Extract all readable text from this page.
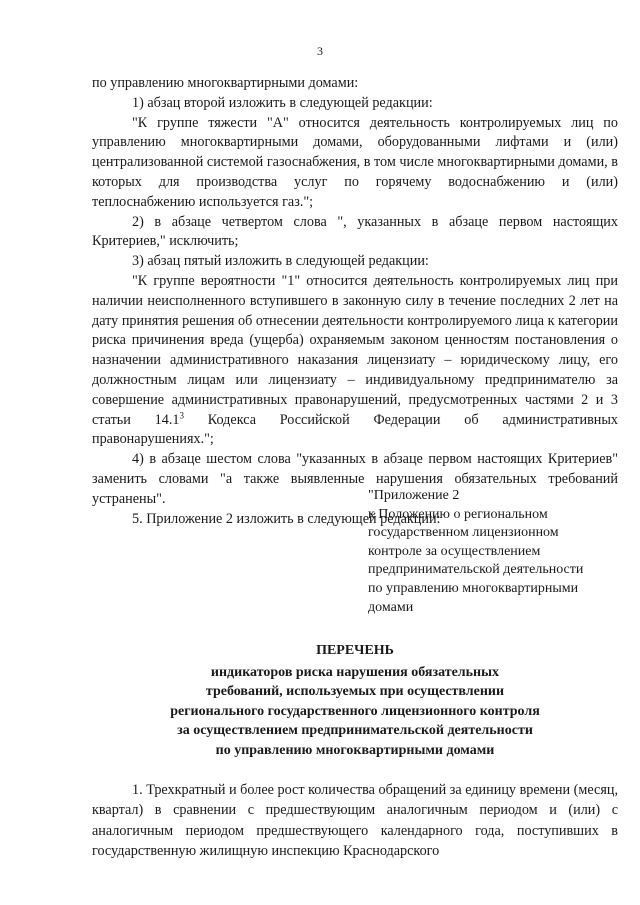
3

по управлению многоквартирными домами:

1) абзац второй изложить в следующей редакции:

"К группе тяжести "А" относится деятельность контролируемых лиц по управлению многоквартирными домами, оборудованными лифтами и (или) централизованной системой газоснабжения, в том числе многоквартирными домами, в которых для производства услуг по горячему водоснабжению и (или) теплоснабжению используется газ.";

2) в абзаце четвертом слова ", указанных в абзаце первом настоящих Критериев," исключить;

3) абзац пятый изложить в следующей редакции:

"К группе вероятности "1" относится деятельность контролируемых лиц при наличии неисполненного вступившего в законную силу в течение последних 2 лет на дату принятия решения об отнесении деятельности контролируемого лица к категории риска причинения вреда (ущерба) охраняемым законом ценностям постановления о назначении административного наказания лицензиату – юридическому лицу, его должностным лицам или лицензиату – индивидуальному предпринимателю за совершение административных правонарушений, предусмотренных частями 2 и 3 статьи 14.1$^3$ Кодекса Российской Федерации об административных правонарушениях.";

4) в абзаце шестом слова "указанных в абзаце первом настоящих Критериев" заменить словами "а также выявленные нарушения обязательных требований устранены".

5. Приложение 2 изложить в следующей редакции:

"Приложение 2
к Положению о региональном
государственном лицензионном
контроле за осуществлением
предпринимательской деятельности
по управлению многоквартирными
домами
ПЕРЕЧЕНЬ
индикаторов риска нарушения обязательных
требований, используемых при осуществлении
регионального государственного лицензионного контроля
за осуществлением предпринимательской деятельности
по управлению многоквартирными домами

1. Трехкратный и более рост количества обращений за единицу времени (месяц, квартал) в сравнении с предшествующим аналогичным периодом и (или) с аналогичным периодом предшествующего календарного года, поступивших в государственную жилищную инспекцию Краснодарского
